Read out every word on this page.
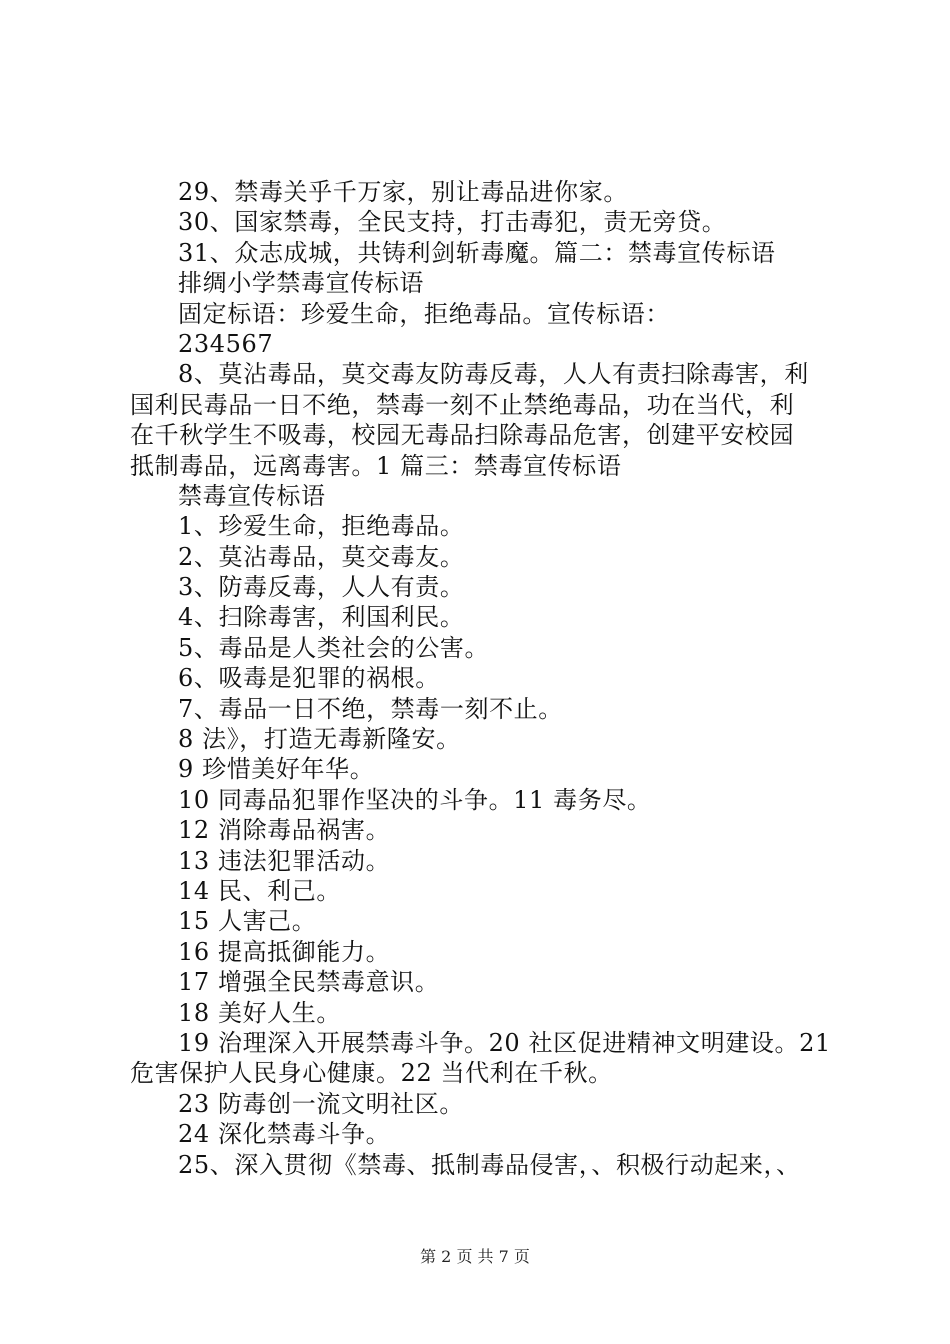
29、禁毒关乎千万家，别让毒品进你家。
30、国家禁毒，全民支持，打击毒犯，责无旁贷。
31、众志成城，共铸利剑斩毒魔。篇二：禁毒宣传标语
排绸小学禁毒宣传标语
固定标语：珍爱生命，拒绝毒品。宣传标语：
234567
8、莫沾毒品，莫交毒友防毒反毒，人人有责扫除毒害，利
国利民毒品一日不绝，禁毒一刻不止禁绝毒品，功在当代，利
在千秋学生不吸毒，校园无毒品扫除毒品危害，创建平安校园
抵制毒品，远离毒害。1 篇三：禁毒宣传标语
禁毒宣传标语
1、珍爱生命，拒绝毒品。
2、莫沾毒品，莫交毒友。
3、防毒反毒，人人有责。
4、扫除毒害，利国利民。
5、毒品是人类社会的公害。
6、吸毒是犯罪的祸根。
7、毒品一日不绝，禁毒一刻不止。
8 法》，打造无毒新隆安。
9 珍惜美好年华。
10 同毒品犯罪作坚决的斗争。11 毒务尽。
12 消除毒品祸害。
13 违法犯罪活动。
14 民、利己。
15 人害己。
16 提高抵御能力。
17 增强全民禁毒意识。
18 美好人生。
19 治理深入开展禁毒斗争。20 社区促进精神文明建设。21
危害保护人民身心健康。22 当代利在千秋。
23 防毒创一流文明社区。
24 深化禁毒斗争。
25、深入贯彻《禁毒、抵制毒品侵害，、积极行动起来，、
第 2 页 共 7 页
